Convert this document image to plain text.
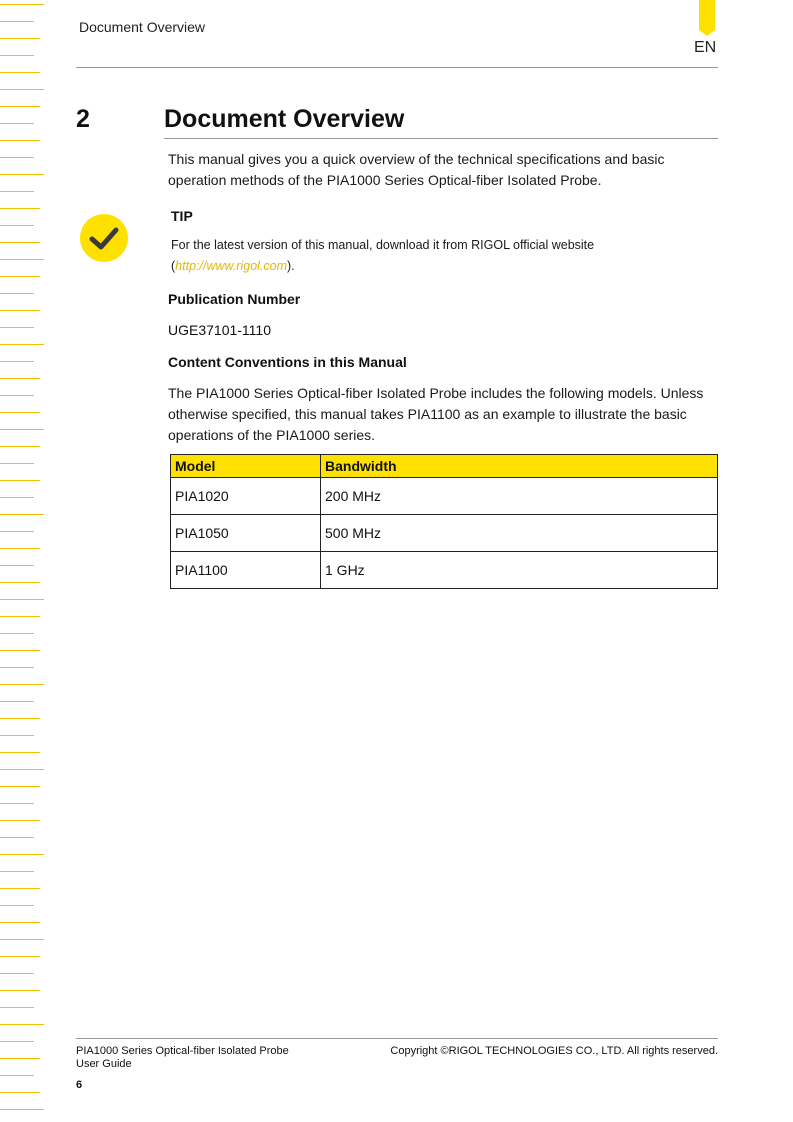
EN
Document Overview
2	Document Overview
This manual gives you a quick overview of the technical specifications and basic operation methods of the PIA1000 Series Optical-fiber Isolated Probe.
TIP
For the latest version of this manual, download it from RIGOL official website (http://www.rigol.com).
Publication Number
UGE37101-1110
Content Conventions in this Manual
The PIA1000 Series Optical-fiber Isolated Probe includes the following models. Unless otherwise specified, this manual takes PIA1100 as an example to illustrate the basic operations of the PIA1000 series.
Model	Bandwidth
PIA1020	200 MHz
PIA1050	500 MHz
PIA1100	1 GHz
PIA1000 Series Optical-fiber Isolated Probe User Guide
Copyright ©RIGOL TECHNOLOGIES CO., LTD. All rights reserved.
6
